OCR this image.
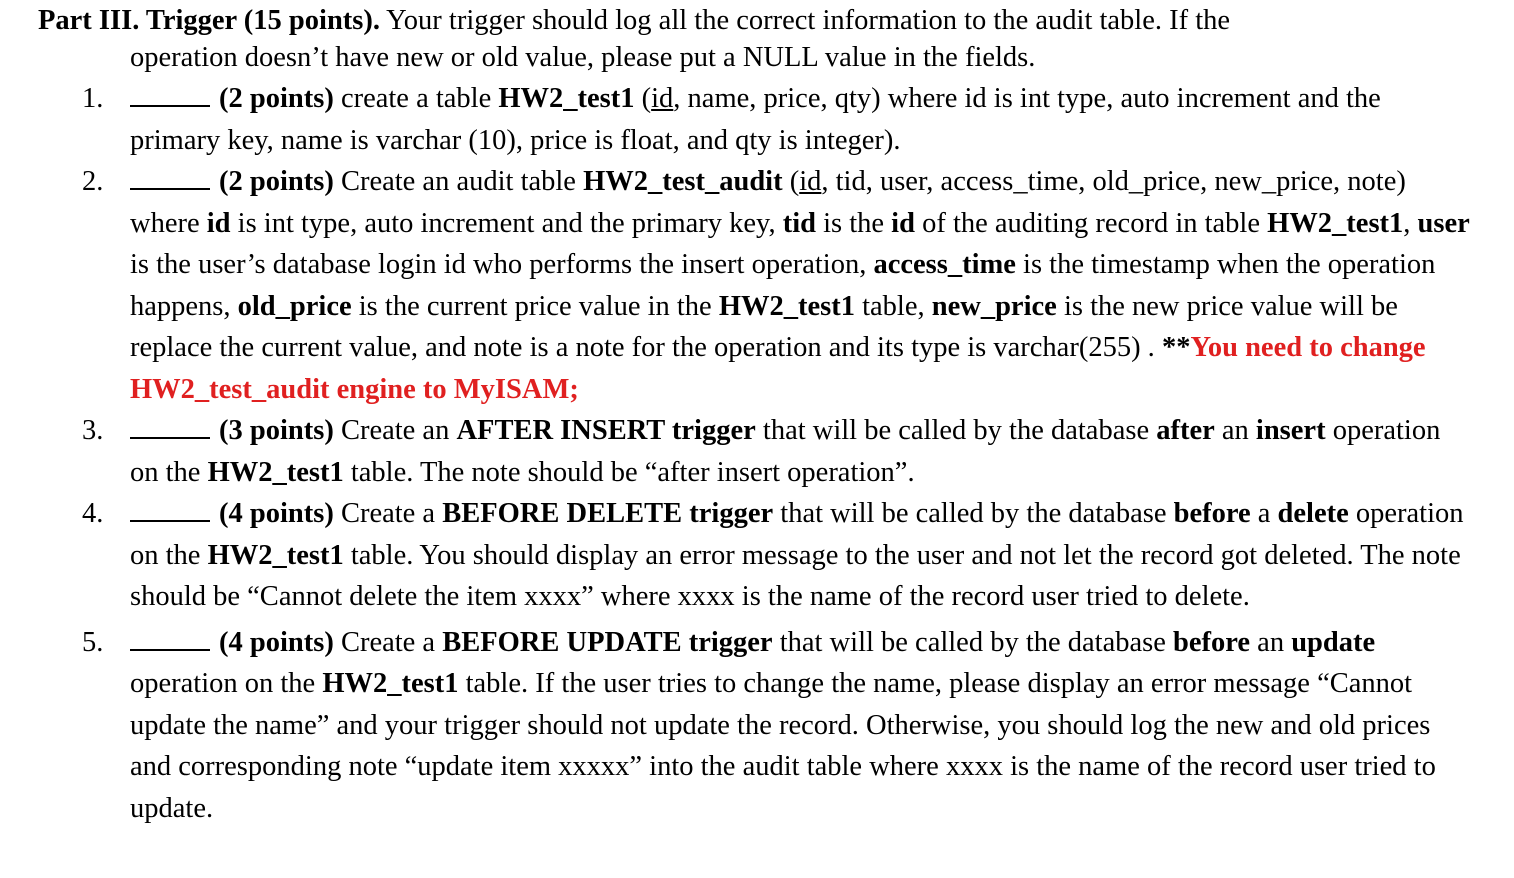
Part III. Trigger (15 points). Your trigger should log all the correct information to the audit table. If the
operation doesn’t have new or old value, please put a NULL value in the fields.
1.	(2 points) create a table HW2_test1 (id, name, price, qty) where id is int type, auto increment and the primary key, name is varchar (10), price is float, and qty is integer).
2.	(2 points) Create an audit table HW2_test_audit (id, tid, user, access_time, old_price, new_price, note) where id is int type, auto increment and the primary key, tid is the id of the auditing record in table HW2_test1, user is the user’s database login id who performs the insert operation, access_time is the timestamp when the operation happens, old_price is the current price value in the HW2_test1 table, new_price is the new price value will be replace the current value, and note is a note for the operation and its type is varchar(255) . **You need to change HW2_test_audit engine to MyISAM;
3.	(3 points) Create an AFTER INSERT trigger that will be called by the database after an insert operation on the HW2_test1 table. The note should be “after insert operation”.
4.	(4 points) Create a BEFORE DELETE trigger that will be called by the database before a delete operation on the HW2_test1 table. You should display an error message to the user and not let the record got deleted. The note should be “Cannot delete the item xxxx” where xxxx is the name of the record user tried to delete.
5.	(4 points) Create a BEFORE UPDATE trigger that will be called by the database before an update operation on the HW2_test1 table. If the user tries to change the name, please display an error message “Cannot update the name” and your trigger should not update the record. Otherwise, you should log the new and old prices and corresponding note “update item xxxxx” into the audit table where xxxx is the name of the record user tried to update.
